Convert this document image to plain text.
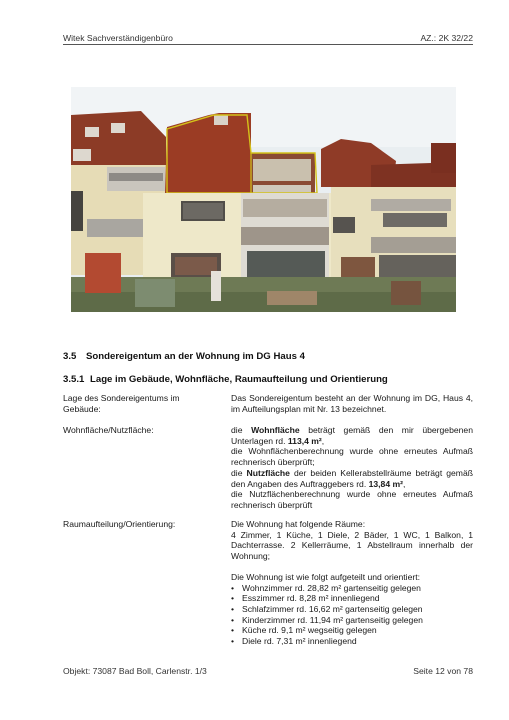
Witek Sachverständigenbüro	AZ.: 2K 32/22
3.5 Sondereigentum an der Wohnung im DG Haus 4
3.5.1 Lage im Gebäude, Wohnfläche, Raumaufteilung und Orientierung
Lage des Sondereigentums im Gebäude:
Das Sondereigentum besteht an der Wohnung im DG, Haus 4, im Aufteilungsplan mit Nr. 13 bezeichnet.
Wohnfläche/Nutzfläche:	die Wohnfläche beträgt gemäß den mir übergebenen Unterlagen rd. 113,4 m²,

die Wohnflächenberechnung wurde ohne erneutes Aufmaß rechnerisch überprüft;

die Nutzfläche der beiden Kellerabstellräume beträgt gemäß den Angaben des Auftraggebers rd. 13,84 m²,

die Nutzflächenberechnung wurde ohne erneutes Aufmaß rechnerisch überprüft

Raumaufteilung/Orientierung:	Die Wohnung hat folgende Räume:

4 Zimmer, 1 Küche, 1 Diele, 2 Bäder, 1 WC, 1 Balkon, 1 Dachterrasse. 2 Kellerräume, 1 Abstellraum innerhalb der Wohnung;

Die Wohnung ist wie folgt aufgeteilt und orientiert:

• Wohnzimmer rd. 28,82 m² gartenseitig gelegen
• Esszimmer rd. 8,28 m² innenliegend
• Schlafzimmer rd. 16,62 m² gartenseitig gelegen
• Kinderzimmer rd. 11,94 m² gartenseitig gelegen
• Küche rd. 9,1 m² wegseitig gelegen
• Diele rd. 7,31 m² innenliegend
Objekt: 73087 Bad Boll, Carlenstr. 1/3	Seite 12 von 78
